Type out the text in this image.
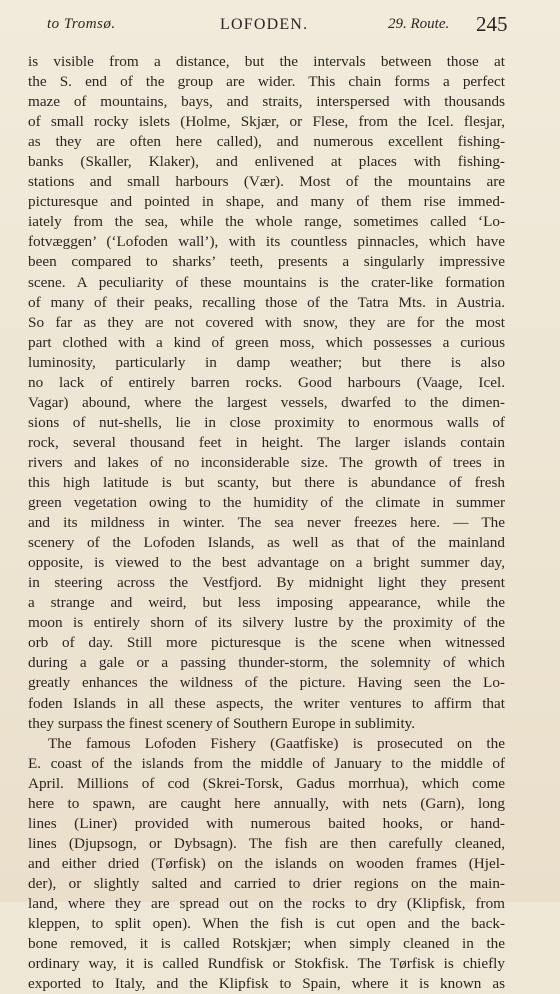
to Tromsø.	LOFODEN.	29. Route. 245
is visible from a distance, but the intervals between those at
the S. end of the group are wider. This chain forms a perfect
maze of mountains, bays, and straits, interspersed with thousands
of small rocky islets (Holme, Skjær, or Flese, from the Icel. flesjar,
as they are often here called), and numerous excellent fishing-
banks (Skaller, Klaker), and enlivened at places with fishing-
stations and small harbours (Vær). Most of the mountains are
picturesque and pointed in shape, and many of them rise immed-
iately from the sea, while the whole range, sometimes called ‘Lo-
fotvæggen’ (‘Lofoden wall’), with its countless pinnacles, which have
been compared to sharks’ teeth, presents a singularly impressive
scene. A peculiarity of these mountains is the crater-like formation
of many of their peaks, recalling those of the Tatra Mts. in Austria.
So far as they are not covered with snow, they are for the most
part clothed with a kind of green moss, which possesses a curious
luminosity, particularly in damp weather; but there is also
no lack of entirely barren rocks. Good harbours (Vaage, Icel.
Vagar) abound, where the largest vessels, dwarfed to the dimen-
sions of nut-shells, lie in close proximity to enormous walls of
rock, several thousand feet in height. The larger islands contain
rivers and lakes of no inconsiderable size. The growth of trees in
this high latitude is but scanty, but there is abundance of fresh
green vegetation owing to the humidity of the climate in summer
and its mildness in winter. The sea never freezes here. — The
scenery of the Lofoden Islands, as well as that of the mainland
opposite, is viewed to the best advantage on a bright summer day,
in steering across the Vestfjord. By midnight light they present
a strange and weird, but less imposing appearance, while the
moon is entirely shorn of its silvery lustre by the proximity of the
orb of day. Still more picturesque is the scene when witnessed
during a gale or a passing thunder-storm, the solemnity of which
greatly enhances the wildness of the picture. Having seen the Lo-
foden Islands in all these aspects, the writer ventures to affirm that
they surpass the finest scenery of Southern Europe in sublimity.
The famous Lofoden Fishery (Gaatfiske) is prosecuted on the
E. coast of the islands from the middle of January to the middle of
April. Millions of cod (Skrei-Torsk, Gadus morrhua), which come
here to spawn, are caught here annually, with nets (Garn), long
lines (Liner) provided with numerous baited hooks, or hand-
lines (Djupsogn, or Dybsagn). The fish are then carefully cleaned,
and either dried (Tørfisk) on the islands on wooden frames (Hjel-
der), or slightly salted and carried to drier regions on the main-
land, where they are spread out on the rocks to dry (Klipfisk, from
kleppen, to split open). When the fish is cut open and the back-
bone removed, it is called Rotskjær; when simply cleaned in the
ordinary way, it is called Rundfisk or Stokfisk. The Tørfisk is chiefly
exported to Italy, and the Klipfisk to Spain, where it is known as
